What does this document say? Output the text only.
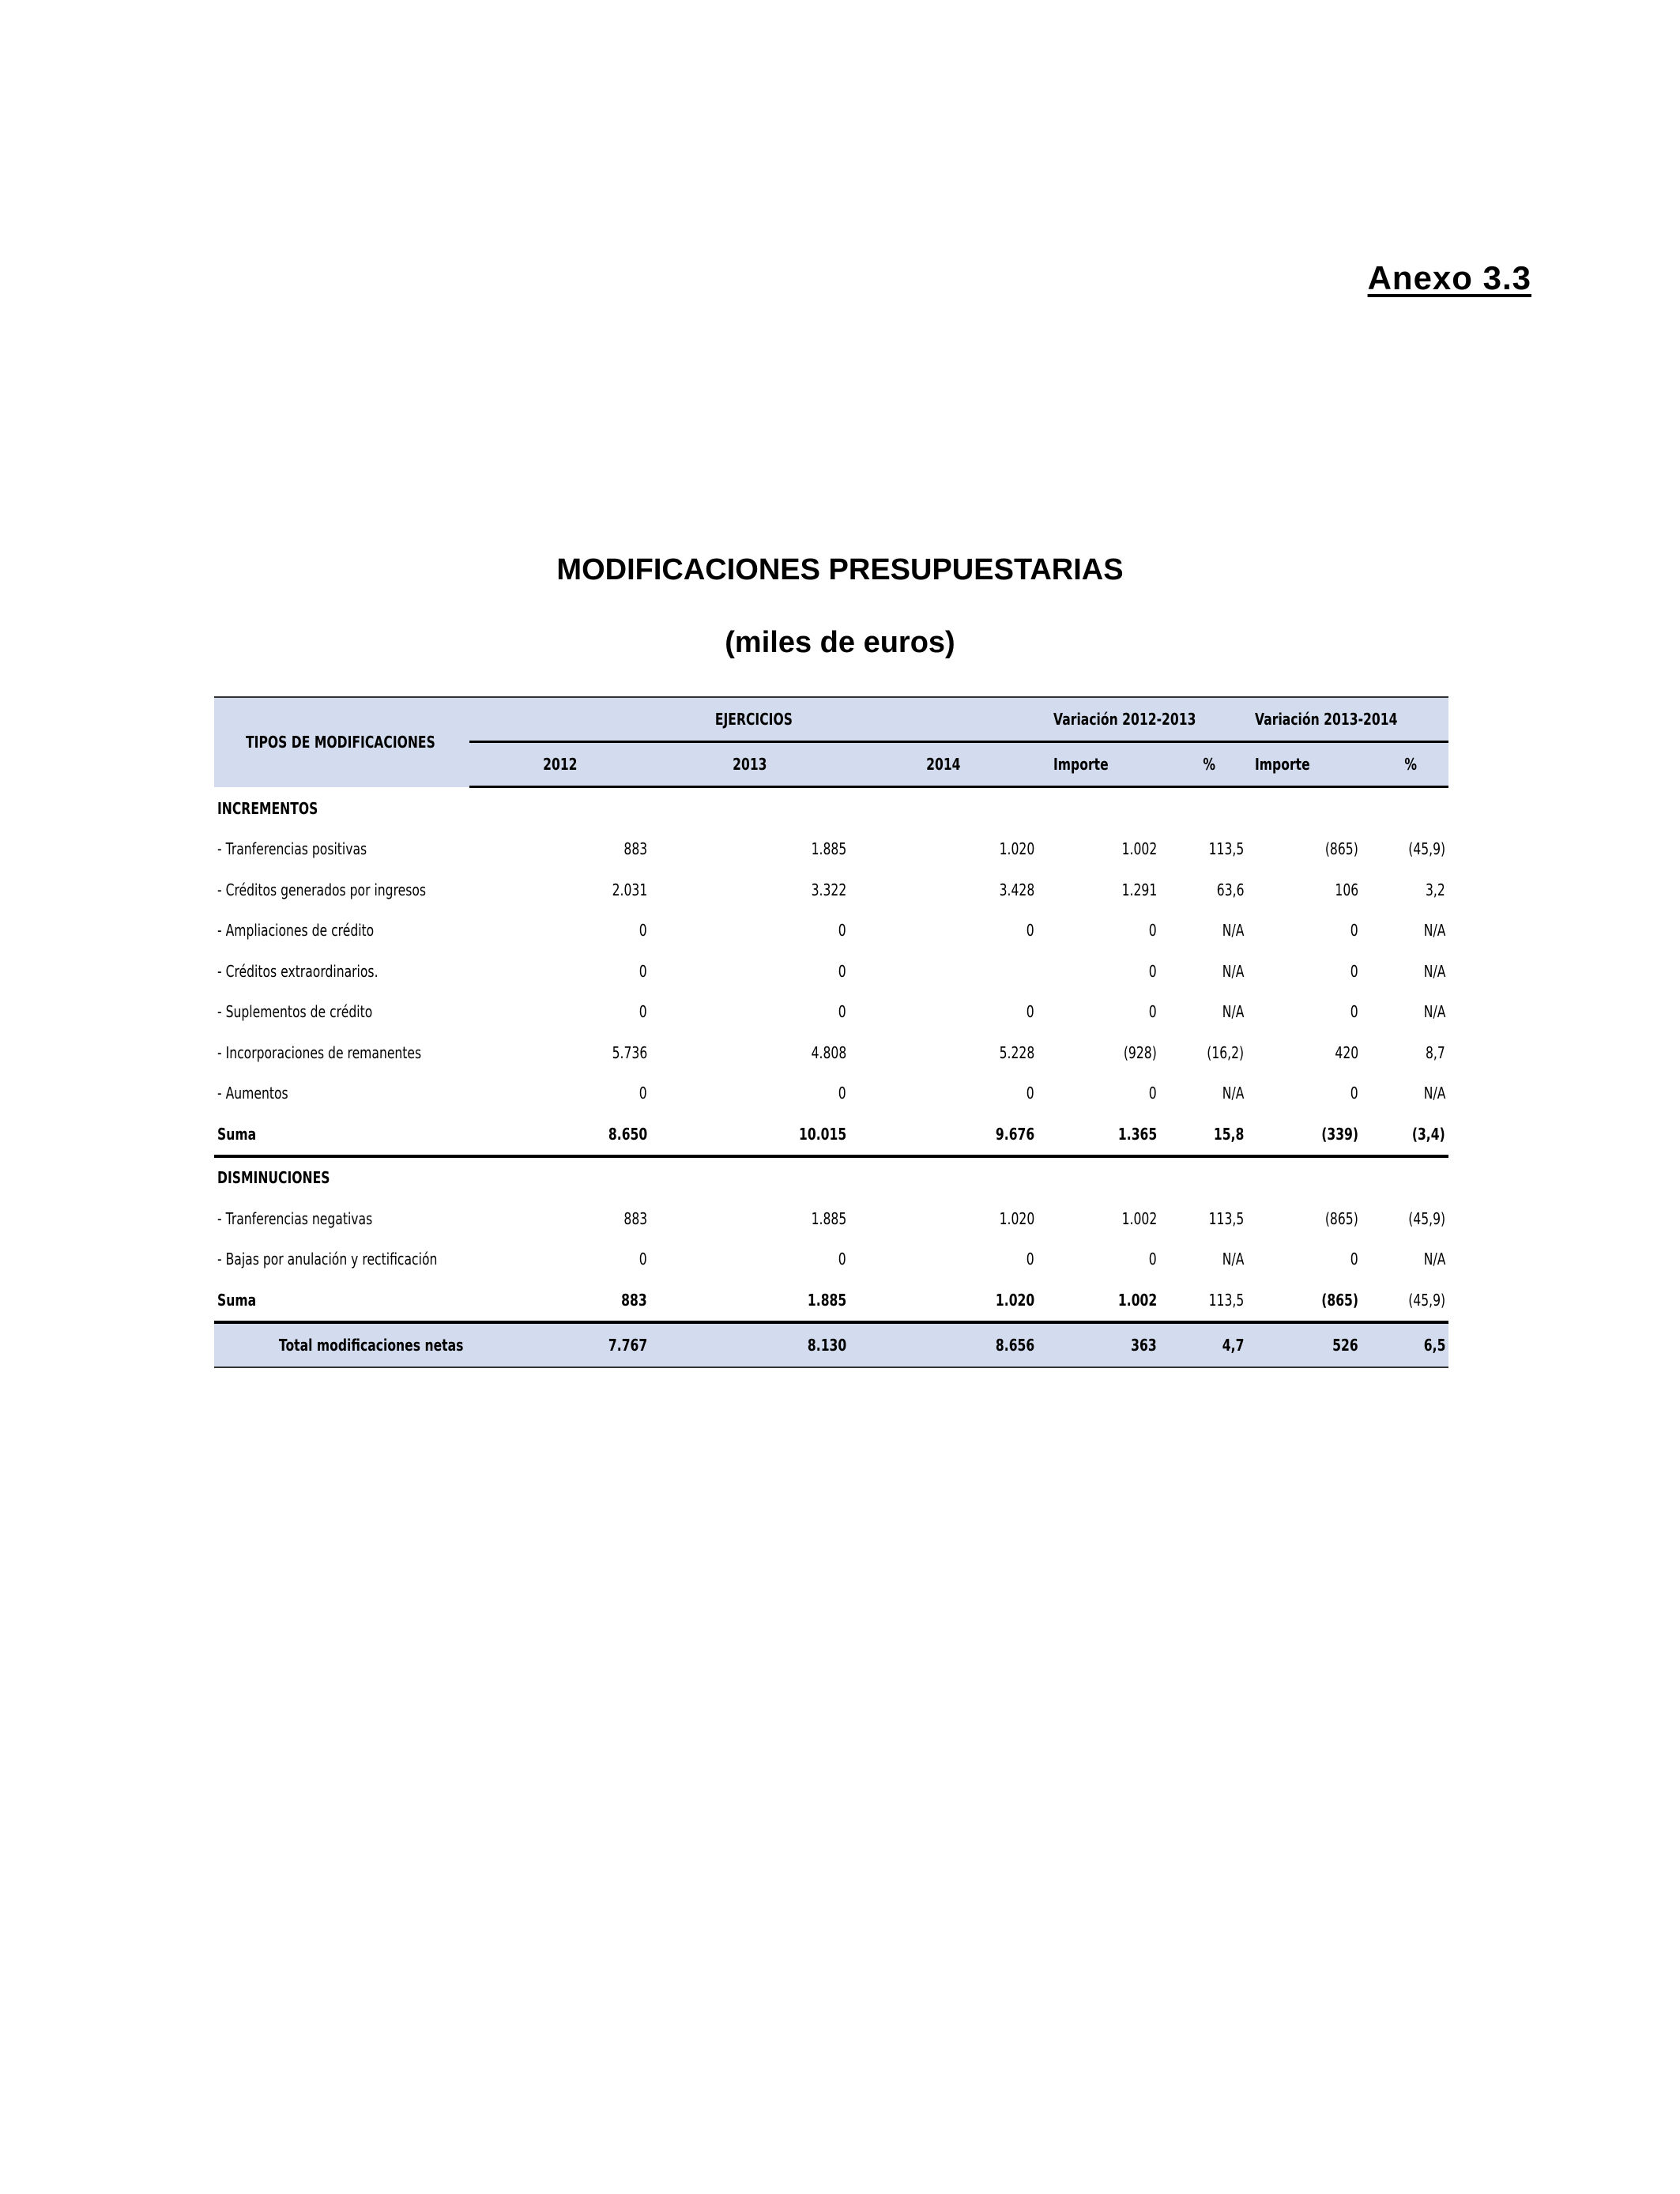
Anexo 3.3
MODIFICACIONES PRESUPUESTARIAS
(miles de euros)
TIPOS DE MODIFICACIONES	EJERCICIOS			Variación 2012-2013		Variación 2013-2014	
	2012	2013	2014	Importe	%	Importe	%
INCREMENTOS							
- Tranferencias positivas	883	1.885	1.020	1.002	113,5	(865)	(45,9)
- Créditos generados por ingresos	2.031	3.322	3.428	1.291	63,6	106	3,2
- Ampliaciones de crédito	0	0	0	0	N/A	0	N/A
- Créditos extraordinarios.	0	0		0	N/A	0	N/A
- Suplementos de crédito	0	0	0	0	N/A	0	N/A
- Incorporaciones de remanentes	5.736	4.808	5.228	(928)	(16,2)	420	8,7
- Aumentos	0	0	0	0	N/A	0	N/A
Suma	8.650	10.015	9.676	1.365	15,8	(339)	(3,4)
DISMINUCIONES							
- Tranferencias negativas	883	1.885	1.020	1.002	113,5	(865)	(45,9)
- Bajas por anulación y rectificación	0	0	0	0	N/A	0	N/A
Suma	883	1.885	1.020	1.002	113,5	(865)	(45,9)
Total modificaciones netas	7.767	8.130	8.656	363	4,7	526	6,5
